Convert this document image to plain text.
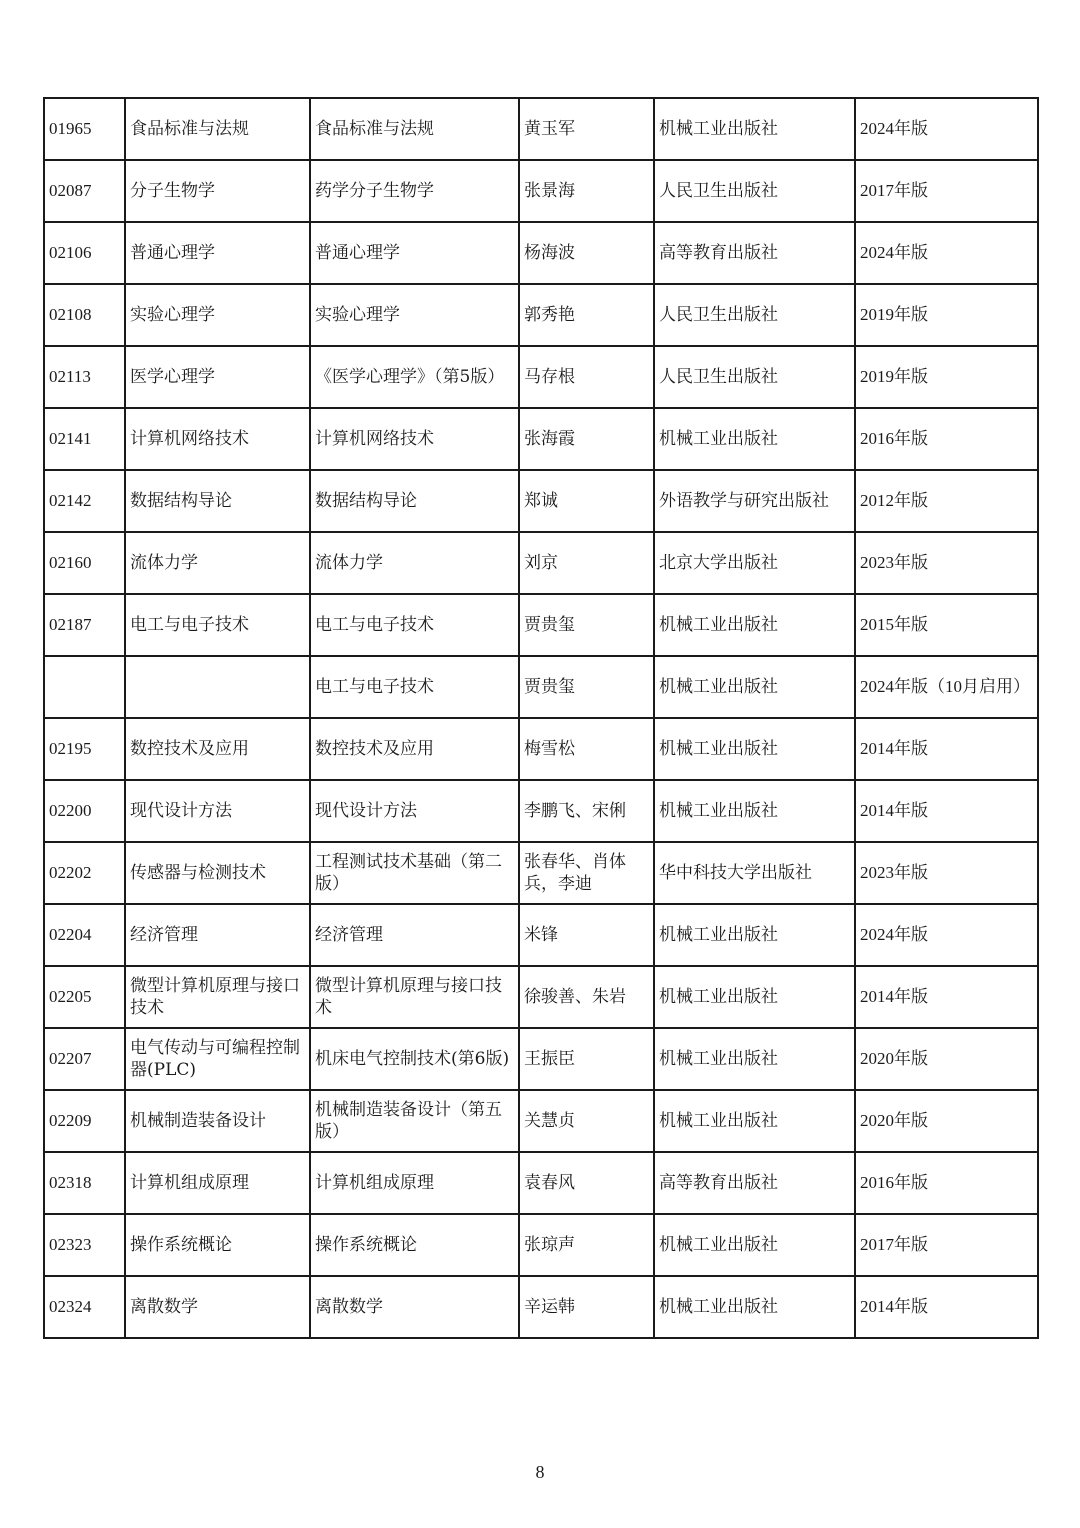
01965	食品标准与法规	食品标准与法规	黄玉军	机械工业出版社	2024年版
02087	分子生物学	药学分子生物学	张景海	人民卫生出版社	2017年版
02106	普通心理学	普通心理学	杨海波	高等教育出版社	2024年版
02108	实验心理学	实验心理学	郭秀艳	人民卫生出版社	2019年版
02113	医学心理学	《医学心理学》（第5版）	马存根	人民卫生出版社	2019年版
02141	计算机网络技术	计算机网络技术	张海霞	机械工业出版社	2016年版
02142	数据结构导论	数据结构导论	郑诚	外语教学与研究出版社	2012年版
02160	流体力学	流体力学	刘京	北京大学出版社	2023年版
02187	电工与电子技术	电工与电子技术	贾贵玺	机械工业出版社	2015年版
		电工与电子技术	贾贵玺	机械工业出版社	2024年版（10月启用）
02195	数控技术及应用	数控技术及应用	梅雪松	机械工业出版社	2014年版
02200	现代设计方法	现代设计方法	李鹏飞、宋俐	机械工业出版社	2014年版
02202	传感器与检测技术	工程测试技术基础（第二版）	张春华、肖体兵，李迪	华中科技大学出版社	2023年版
02204	经济管理	经济管理	米锋	机械工业出版社	2024年版
02205	微型计算机原理与接口技术	微型计算机原理与接口技术	徐骏善、朱岩	机械工业出版社	2014年版
02207	电气传动与可编程控制器(PLC)	机床电气控制技术(第6版)	王振臣	机械工业出版社	2020年版
02209	机械制造装备设计	机械制造装备设计（第五版）	关慧贞	机械工业出版社	2020年版
02318	计算机组成原理	计算机组成原理	袁春风	高等教育出版社	2016年版
02323	操作系统概论	操作系统概论	张琼声	机械工业出版社	2017年版
02324	离散数学	离散数学	辛运韩	机械工业出版社	2014年版
8
